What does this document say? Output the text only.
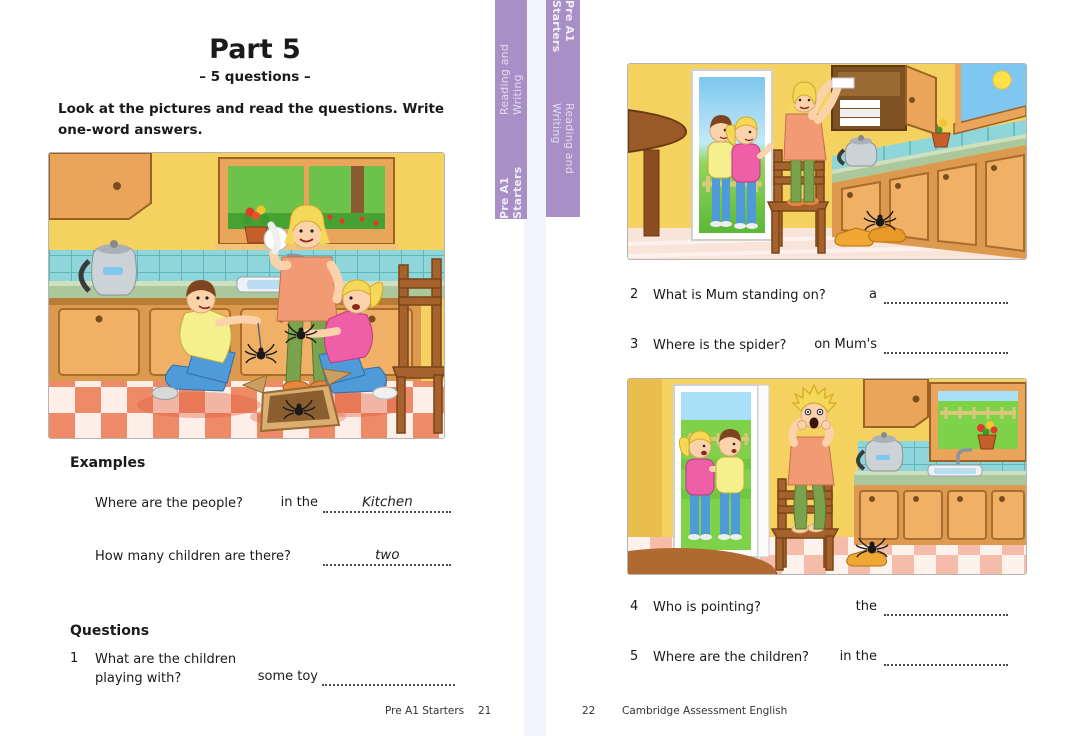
Pre A1 Starters
Reading and Writing
Pre A1 Starters
Reading and Writing
Part 5
– 5 questions –
Look at the pictures and read the questions. Write one-word answers.
Examples
Where are the people?	in the	Kitchen
How many children are there?	two
Questions
1 What are the children playing with?	some toy
Pre A1 Starters 21
2 What is Mum standing on?	a
3 Where is the spider?	on Mum's
4 Who is pointing?	the
5 Where are the children?	in the
22	Cambridge Assessment English
